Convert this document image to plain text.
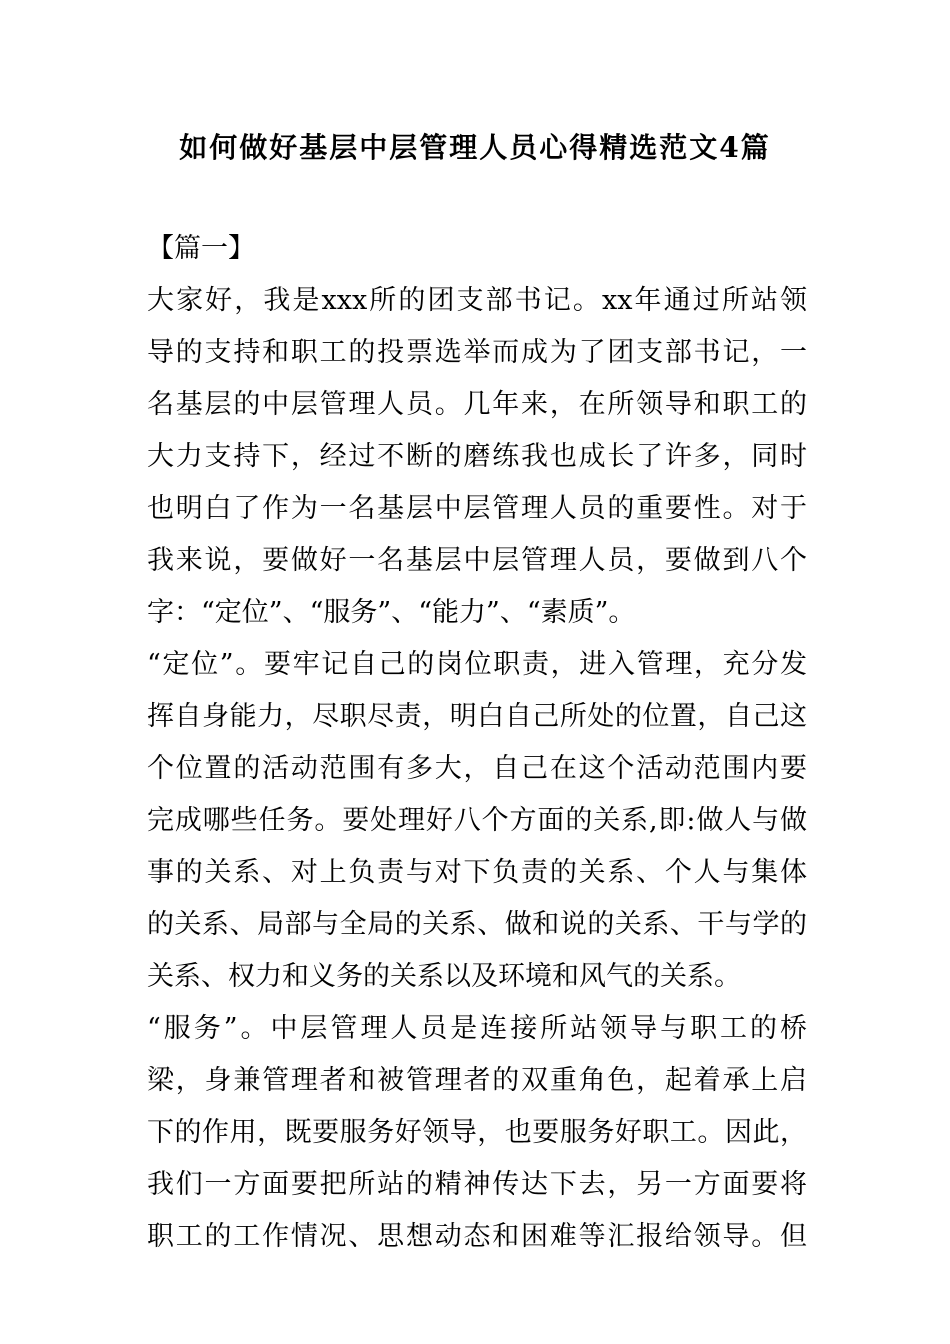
如何做好基层中层管理人员心得精选范文4篇
【篇一】
大家好，我是xxx所的团支部书记。xx年通过所站领
导的支持和职工的投票选举而成为了团支部书记，一
名基层的中层管理人员。几年来，在所领导和职工的
大力支持下，经过不断的磨练我也成长了许多，同时
也明白了作为一名基层中层管理人员的重要性。对于
我来说，要做好一名基层中层管理人员，要做到八个
字：“定位”、“服务”、“能力”、“素质”。
“定位”。要牢记自己的岗位职责，进入管理，充分发
挥自身能力，尽职尽责，明白自己所处的位置，自己这
个位置的活动范围有多大，自己在这个活动范围内要
完成哪些任务。要处理好八个方面的关系,即:做人与做
事的关系、对上负责与对下负责的关系、个人与集体
的关系、局部与全局的关系、做和说的关系、干与学的
关系、权力和义务的关系以及环境和风气的关系。
“服务”。中层管理人员是连接所站领导与职工的桥
梁，身兼管理者和被管理者的双重角色，起着承上启
下的作用，既要服务好领导，也要服务好职工。因此，
我们一方面要把所站的精神传达下去，另一方面要将
职工的工作情况、思想动态和困难等汇报给领导。但
